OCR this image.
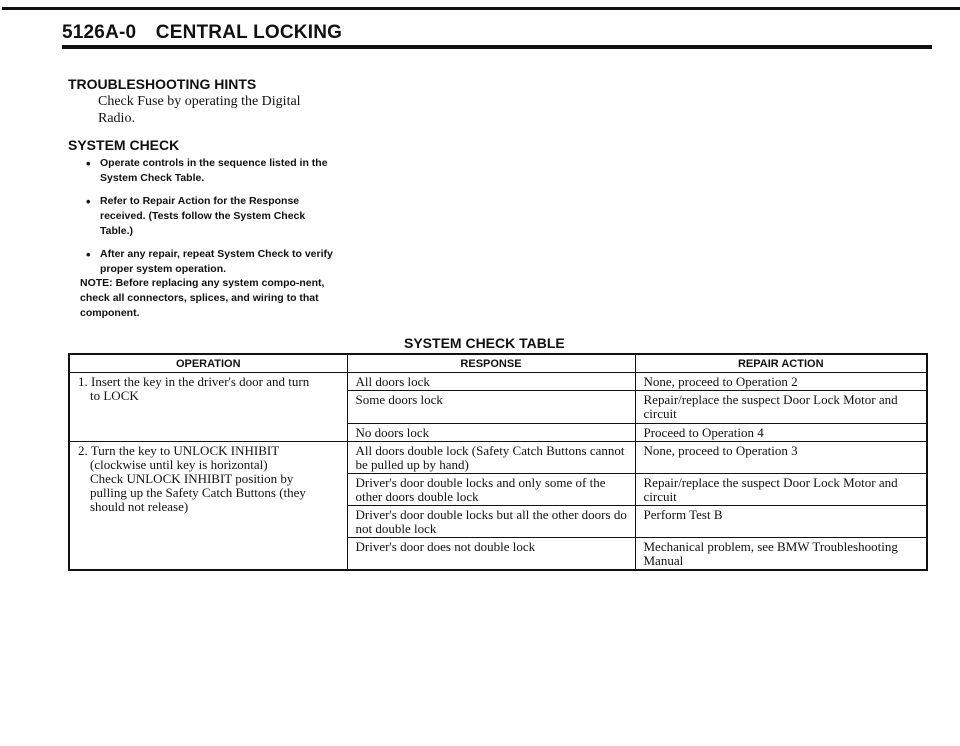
5126A-0 CENTRAL LOCKING
TROUBLESHOOTING HINTS
Check Fuse by operating the Digital
Radio.
SYSTEM CHECK
• Operate controls in the sequence listed in the System Check Table.
• Refer to Repair Action for the Response received. (Tests follow the System Check Table.)
• After any repair, repeat System Check to verify proper system operation.
NOTE: Before replacing any system compo-nent, check all connectors, splices, and wiring to that component.
SYSTEM CHECK TABLE
OPERATION	RESPONSE	REPAIR ACTION

1. Insert the key in the driver's door and turn
to LOCK	All doors lock	None, proceed to Operation 2
	Some doors lock	Repair/replace the suspect Door Lock Motor and circuit
	No doors lock	Proceed to Operation 4

2. Turn the key to UNLOCK INHIBIT
(clockwise until key is horizontal)
Check UNLOCK INHIBIT position by
pulling up the Safety Catch Buttons (they
should not release)	All doors double lock (Safety Catch Buttons cannot be pulled up by hand)	None, proceed to Operation 3
	Driver's door double locks and only some of the other doors double lock	Repair/replace the suspect Door Lock Motor and circuit
	Driver's door double locks but all the other doors do not double lock	Perform Test B
	Driver's door does not double lock	Mechanical problem, see BMW Troubleshooting Manual
